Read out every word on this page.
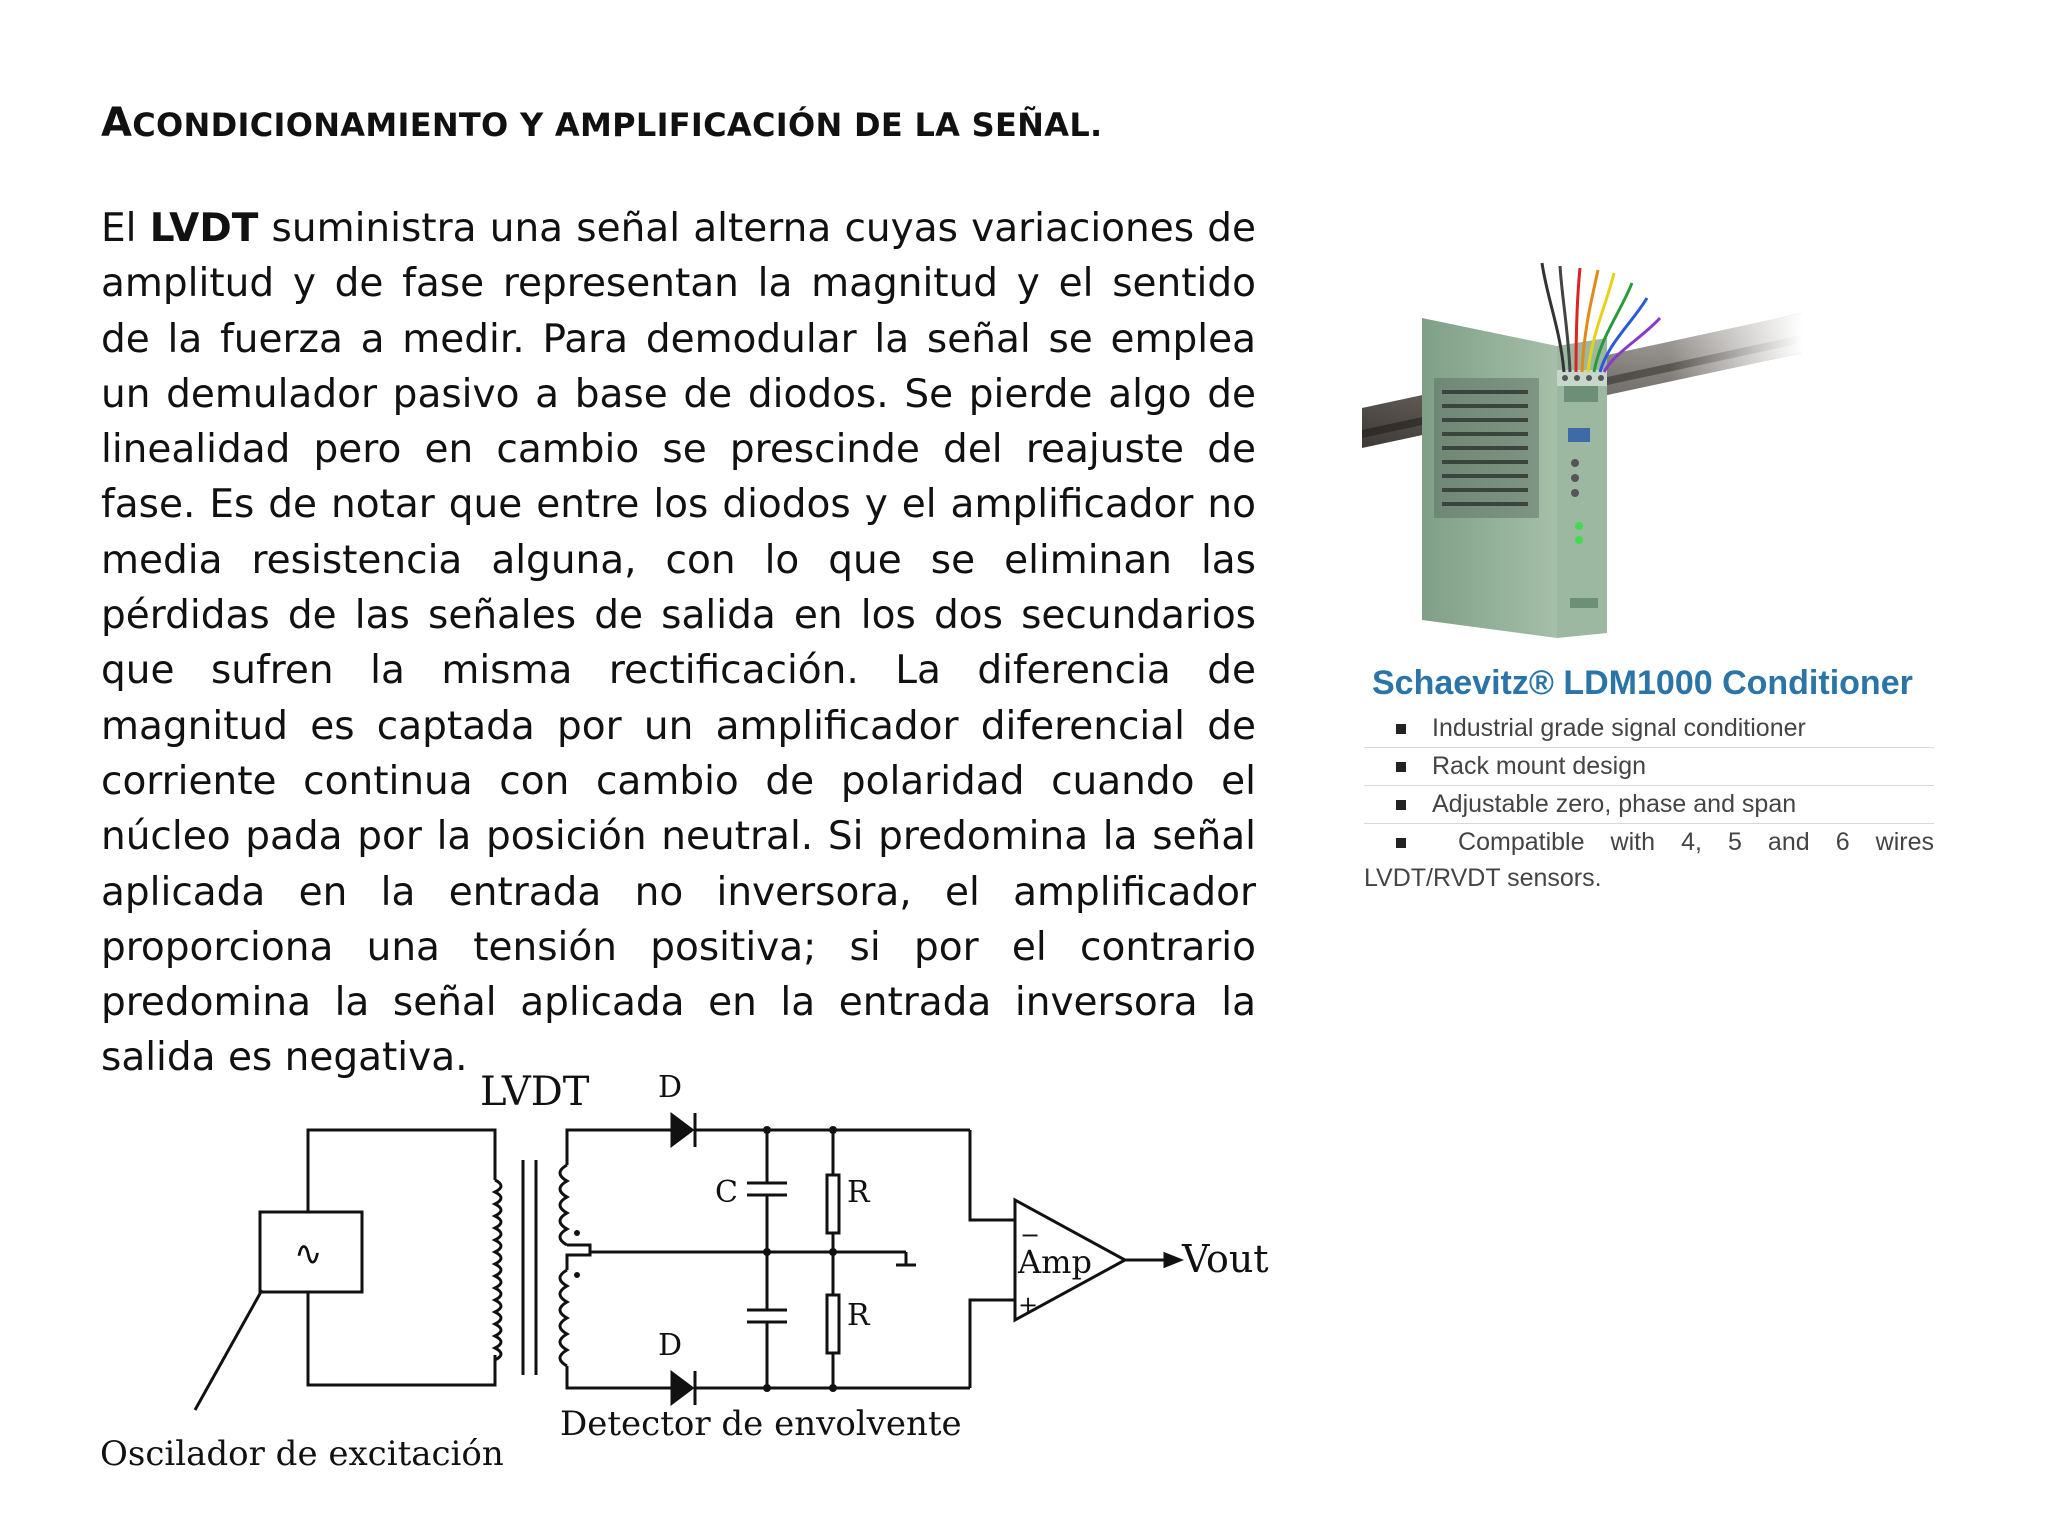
ACONDICIONAMIENTO Y AMPLIFICACIÓN DE LA SEÑAL.
El LVDT suministra una señal alterna cuyas variaciones de amplitud y de fase representan la magnitud y el sentido de la fuerza a medir. Para demodular la señal se emplea un demulador pasivo a base de diodos. Se pierde algo de linealidad pero en cambio se prescinde del reajuste de fase. Es de notar que entre los diodos y el amplificador no media resistencia alguna, con lo que se eliminan las pérdidas de las señales de salida en los dos secundarios que sufren la misma rectificación. La diferencia de magnitud es captada por un amplificador diferencial de corriente continua con cambio de polaridad cuando el núcleo pada por la posición neutral. Si predomina la señal aplicada en la entrada no inversora, el amplificador proporciona una tensión positiva; si por el contrario predomina la señal aplicada en la entrada inversora la salida es negativa.
Schaevitz® LDM1000 Conditioner
Industrial grade signal conditioner
Rack mount design
Adjustable zero, phase and span
Compatible with 4, 5 and 6 wires
LVDT/RVDT sensors.
LVDT D
D
C	R
R
−
+
Amp Vout
∿
Oscilador de excitación
Detector de envolvente
